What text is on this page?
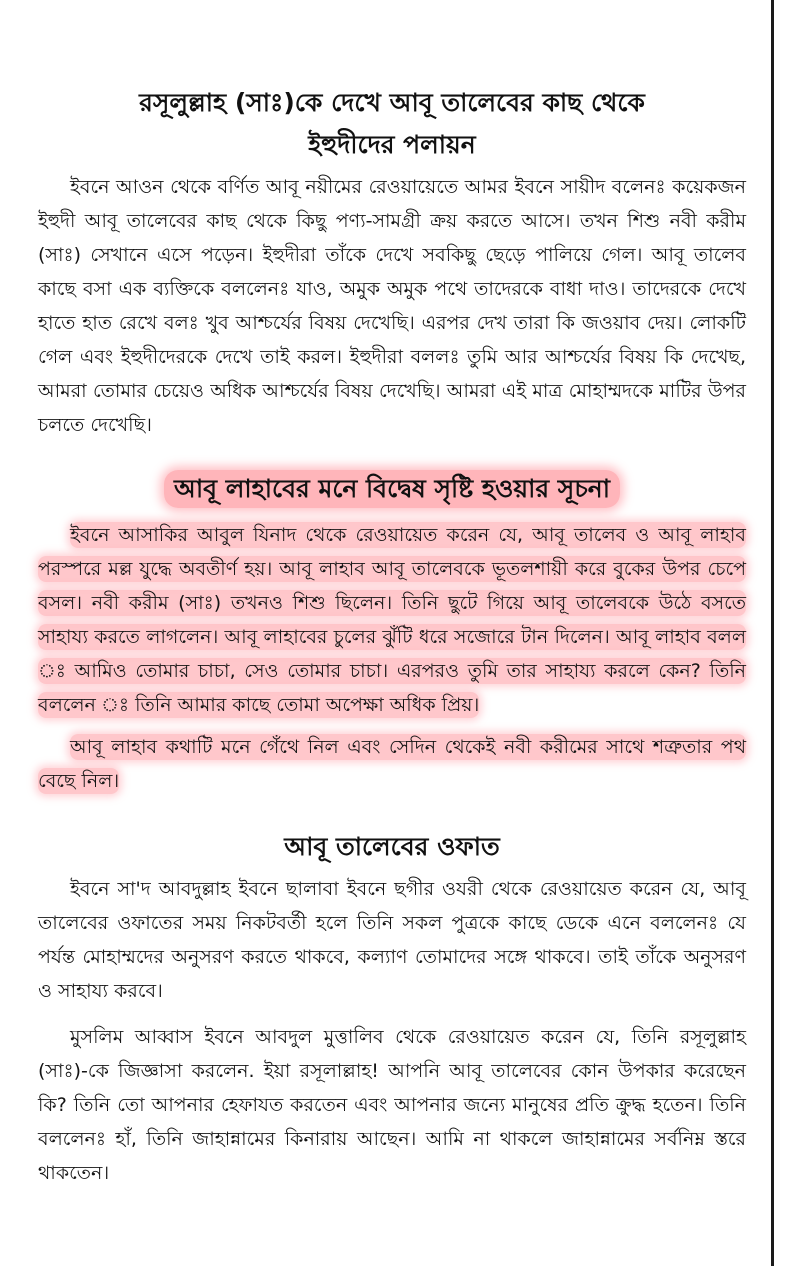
রসূলুল্লাহ (সাঃ)কে দেখে আবূ তালেবের কাছ থেকে
ইহুদীদের পলায়ন

ইবনে আওন থেকে বর্ণিত আবূ নয়ীমের রেওয়ায়েতে আমর ইবনে সায়ীদ বলেনঃ কয়েকজন ইহুদী আবূ তালেবের কাছ থেকে কিছু পণ্য-সামগ্রী ক্রয় করতে আসে। তখন শিশু নবী করীম (সাঃ) সেখানে এসে পড়েন। ইহুদীরা তাঁকে দেখে সবকিছু ছেড়ে পালিয়ে গেল। আবূ তালেব কাছে বসা এক ব্যক্তিকে বললেনঃ যাও, অমুক অমুক পথে তাদেরকে বাধা দাও। তাদেরকে দেখে হাতে হাত রেখে বলঃ খুব আশ্চর্যের বিষয় দেখেছি। এরপর দেখ তারা কি জওয়াব দেয়। লোকটি গেল এবং ইহুদীদেরকে দেখে তাই করল। ইহুদীরা বললঃ তুমি আর আশ্চর্যের বিষয় কি দেখেছ, আমরা তোমার চেয়েও অধিক আশ্চর্যের বিষয় দেখেছি। আমরা এই মাত্র মোহাম্মদকে মাটির উপর চলতে দেখেছি।

আবূ লাহাবের মনে বিদ্বেষ সৃষ্টি হওয়ার সূচনা

ইবনে আসাকির আবুল যিনাদ থেকে রেওয়ায়েত করেন যে, আবূ তালেব ও আবূ লাহাব পরস্পরে মল্ল যুদ্ধে অবতীর্ণ হয়। আবূ লাহাব আবূ তালেবকে ভূতলশায়ী করে বুকের উপর চেপে বসল। নবী করীম (সাঃ) তখনও শিশু ছিলেন। তিনি ছুটে গিয়ে আবূ তালেবকে উঠে বসতে সাহায্য করতে লাগলেন। আবূ লাহাবের চুলের ঝুঁটি ধরে সজোরে টান দিলেন। আবূ লাহাব বলল ঃ আমিও তোমার চাচা, সেও তোমার চাচা। এরপরও তুমি তার সাহায্য করলে কেন? তিনি বললেন ঃ তিনি আমার কাছে তোমা অপেক্ষা অধিক প্রিয়।

আবূ লাহাব কথাটি মনে গেঁথে নিল এবং সেদিন থেকেই নবী করীমের সাথে শত্রুতার পথ বেছে নিল।

আবূ তালেবের ওফাত

ইবনে সা'দ আবদুল্লাহ ইবনে ছালাবা ইবনে ছগীর ওযরী থেকে রেওয়ায়েত করেন যে, আবূ তালেবের ওফাতের সময় নিকটবর্তী হলে তিনি সকল পুত্রকে কাছে ডেকে এনে বললেনঃ যে পর্যন্ত মোহাম্মদের অনুসরণ করতে থাকবে, কল্যাণ তোমাদের সঙ্গে থাকবে। তাই তাঁকে অনুসরণ ও সাহায্য করবে।

মুসলিম আব্বাস ইবনে আবদুল মুত্তালিব থেকে রেওয়ায়েত করেন যে, তিনি রসূলুল্লাহ (সাঃ)-কে জিজ্ঞাসা করলেন. ইয়া রসূলাল্লাহ! আপনি আবূ তালেবের কোন উপকার করেছেন কি? তিনি তো আপনার হেফাযত করতেন এবং আপনার জন্যে মানুষের প্রতি ক্রুদ্ধ হতেন। তিনি বললেনঃ হাঁ, তিনি জাহান্নামের কিনারায় আছেন। আমি না থাকলে জাহান্নামের সর্বনিম্ন স্তরে থাকতেন।
